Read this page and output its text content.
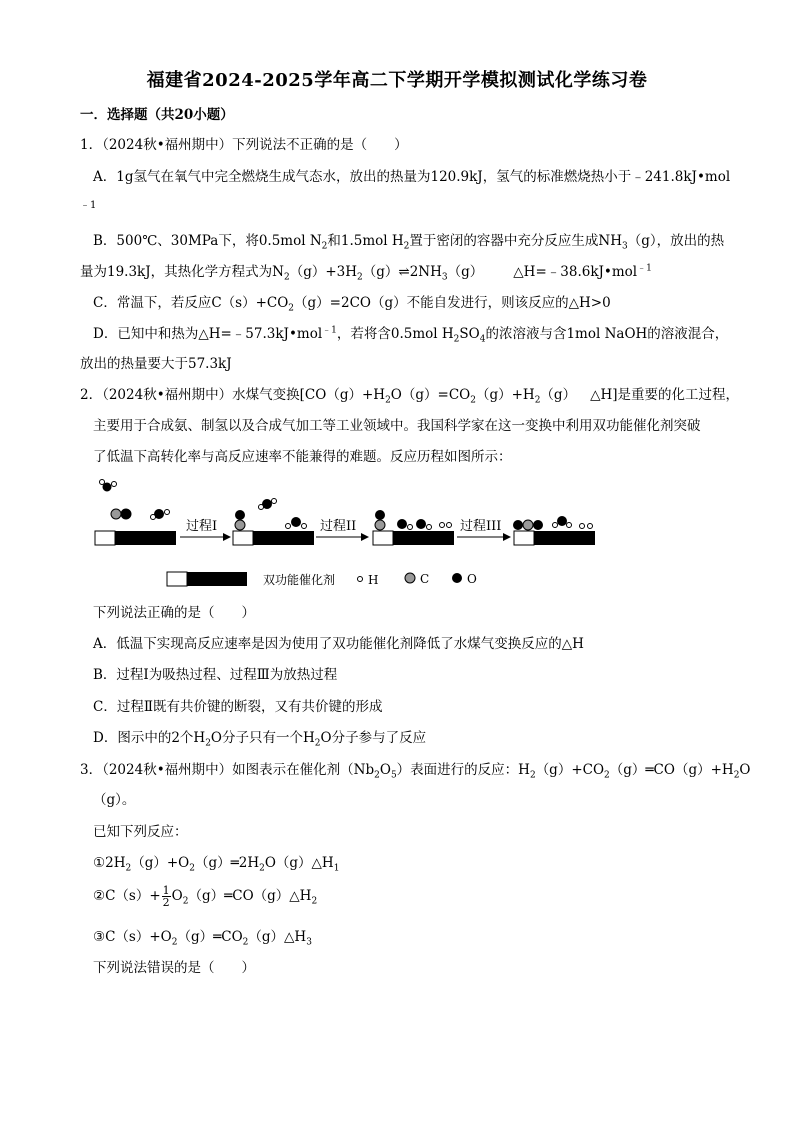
福建省2024-2025学年高二下学期开学模拟测试化学练习卷
一．选择题（共20小题）
1．（2024秋•福州期中）下列说法不正确的是（　　）
A．1g氢气在氧气中完全燃烧生成气态水，放出的热量为120.9kJ，氢气的标准燃烧热小于﹣241.8kJ•mol
﹣1
B．500℃、30MPa下，将0.5mol $N_2$和1.5mol $H_2$置于密闭的容器中充分反应生成$NH_3(g)$，放出的热
量为19.3kJ，其热化学方程式为$N_2(g)+3H_2(g)\rightleftharpoons 2NH_3(g)$ △H=﹣38.6kJ•mol$^{﹣1}$
C．常温下，若反应$C(s)+CO_2(g)=2CO(g)$不能自发进行，则该反应的△H>0
D．已知中和热为△H=﹣57.3kJ•mol$^{﹣1}$，若将含0.5mol $H_2SO_4$的浓溶液与含1mol NaOH的溶液混合，
放出的热量要大于57.3kJ
2．（2024秋•福州期中）水煤气变换[$CO(g)+H_2O(g)=CO_2(g)+H_2(g)$ △H]是重要的化工过程，
主要用于合成氨、制氢以及合成气加工等工业领域中。我国科学家在这一变换中利用双功能催化剂突破
了低温下高转化率与高反应速率不能兼得的难题。反应历程如图所示：
过程I	过程II	过程III
双功能催化剂	H	C	O
下列说法正确的是（　　）
A．低温下实现高反应速率是因为使用了双功能催化剂降低了水煤气变换反应的△H
B．过程Ⅰ为吸热过程、过程Ⅲ为放热过程
C．过程Ⅱ既有共价键的断裂，又有共价键的形成
D．图示中的2个$H_2O$分子只有一个$H_2O$分子参与了反应
3．（2024秋•福州期中）如图表示在催化剂$(Nb_2O_5)$表面进行的反应：$H_2(g)+CO_2(g)═CO(g)+H_2O$
（g）。
已知下列反应：
$①2H_2(g)+O_2(g)═2H_2O(g)\triangle H_1$
②C（s）+ $\frac{1}{2}$ $O_2(g)═CO(g)\triangle H_2$
$③C(s)+O_2(g)═CO_2(g)\triangle H_3$
下列说法错误的是（　　）
